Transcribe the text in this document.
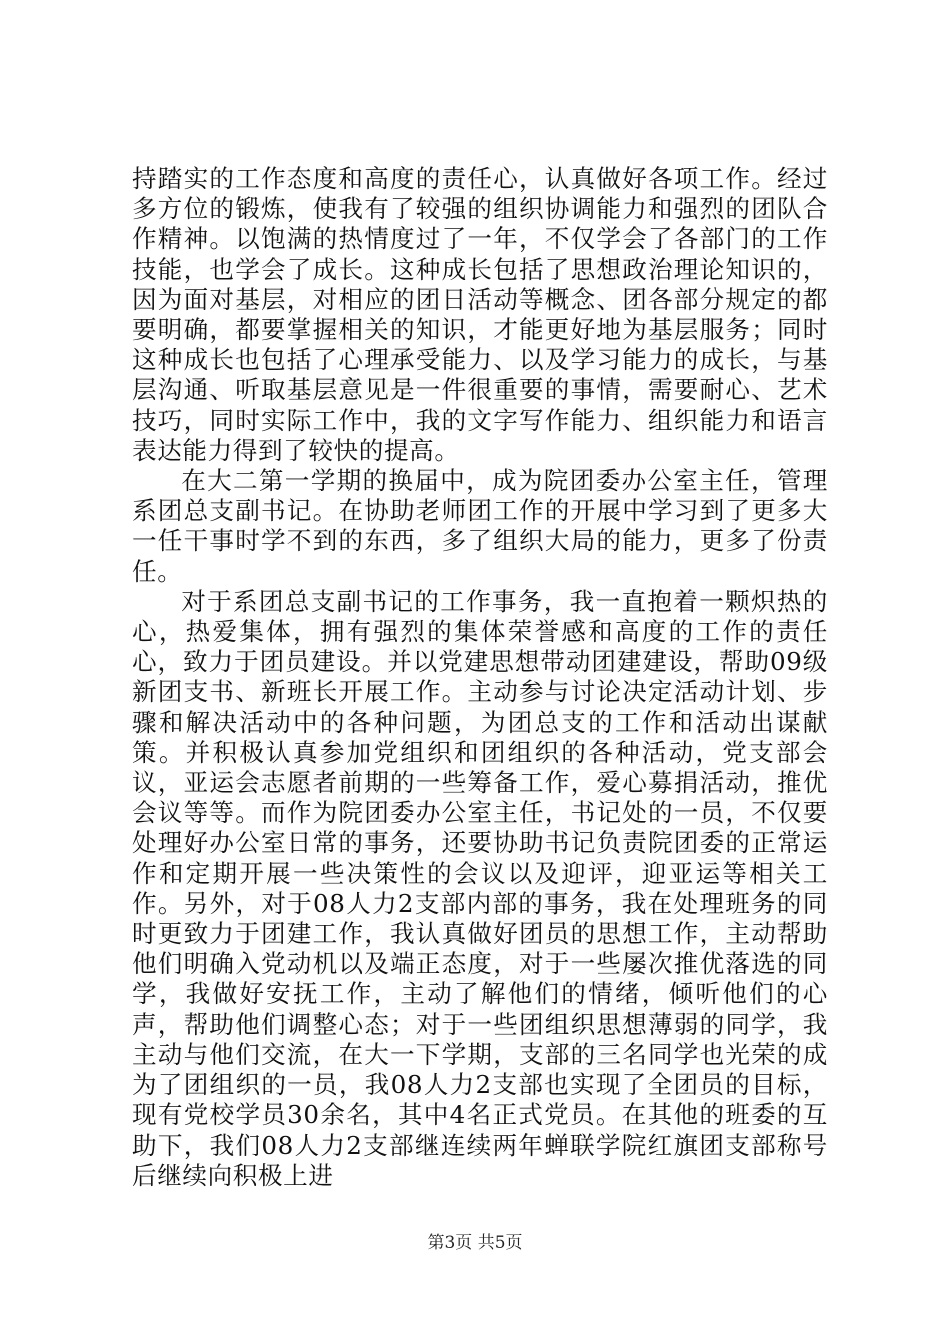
持踏实的工作态度和高度的责任心，认真做好各项工作。经过多方位的锻炼，使我有了较强的组织协调能力和强烈的团队合作精神。以饱满的热情度过了一年，不仅学会了各部门的工作技能，也学会了成长。这种成长包括了思想政治理论知识的，因为面对基层，对相应的团日活动等概念、团各部分规定的都要明确，都要掌握相关的知识，才能更好地为基层服务；同时这种成长也包括了心理承受能力、以及学习能力的成长，与基层沟通、听取基层意见是一件很重要的事情，需要耐心、艺术技巧，同时实际工作中，我的文字写作能力、组织能力和语言表达能力得到了较快的提高。

在大二第一学期的换届中，成为院团委办公室主任，管理系团总支副书记。在协助老师团工作的开展中学习到了更多大一任干事时学不到的东西，多了组织大局的能力，更多了份责任。

对于系团总支副书记的工作事务，我一直抱着一颗炽热的心，热爱集体，拥有强烈的集体荣誉感和高度的工作的责任心，致力于团员建设。并以党建思想带动团建建设，帮助09级新团支书、新班长开展工作。主动参与讨论决定活动计划、步骤和解决活动中的各种问题，为团总支的工作和活动出谋献策。并积极认真参加党组织和团组织的各种活动，党支部会议，亚运会志愿者前期的一些筹备工作，爱心募捐活动，推优会议等等。而作为院团委办公室主任，书记处的一员，不仅要处理好办公室日常的事务，还要协助书记负责院团委的正常运作和定期开展一些决策性的会议以及迎评，迎亚运等相关工作。另外，对于08人力2支部内部的事务，我在处理班务的同时更致力于团建工作，我认真做好团员的思想工作，主动帮助他们明确入党动机以及端正态度，对于一些屡次推优落选的同学，我做好安抚工作，主动了解他们的情绪，倾听他们的心声，帮助他们调整心态；对于一些团组织思想薄弱的同学，我主动与他们交流，在大一下学期，支部的三名同学也光荣的成为了团组织的一员，我08人力2支部也实现了全团员的目标，现有党校学员30余名，其中4名正式党员。在其他的班委的互助下，我们08人力2支部继连续两年蝉联学院红旗团支部称号后继续向积极上进

第3页 共5页
